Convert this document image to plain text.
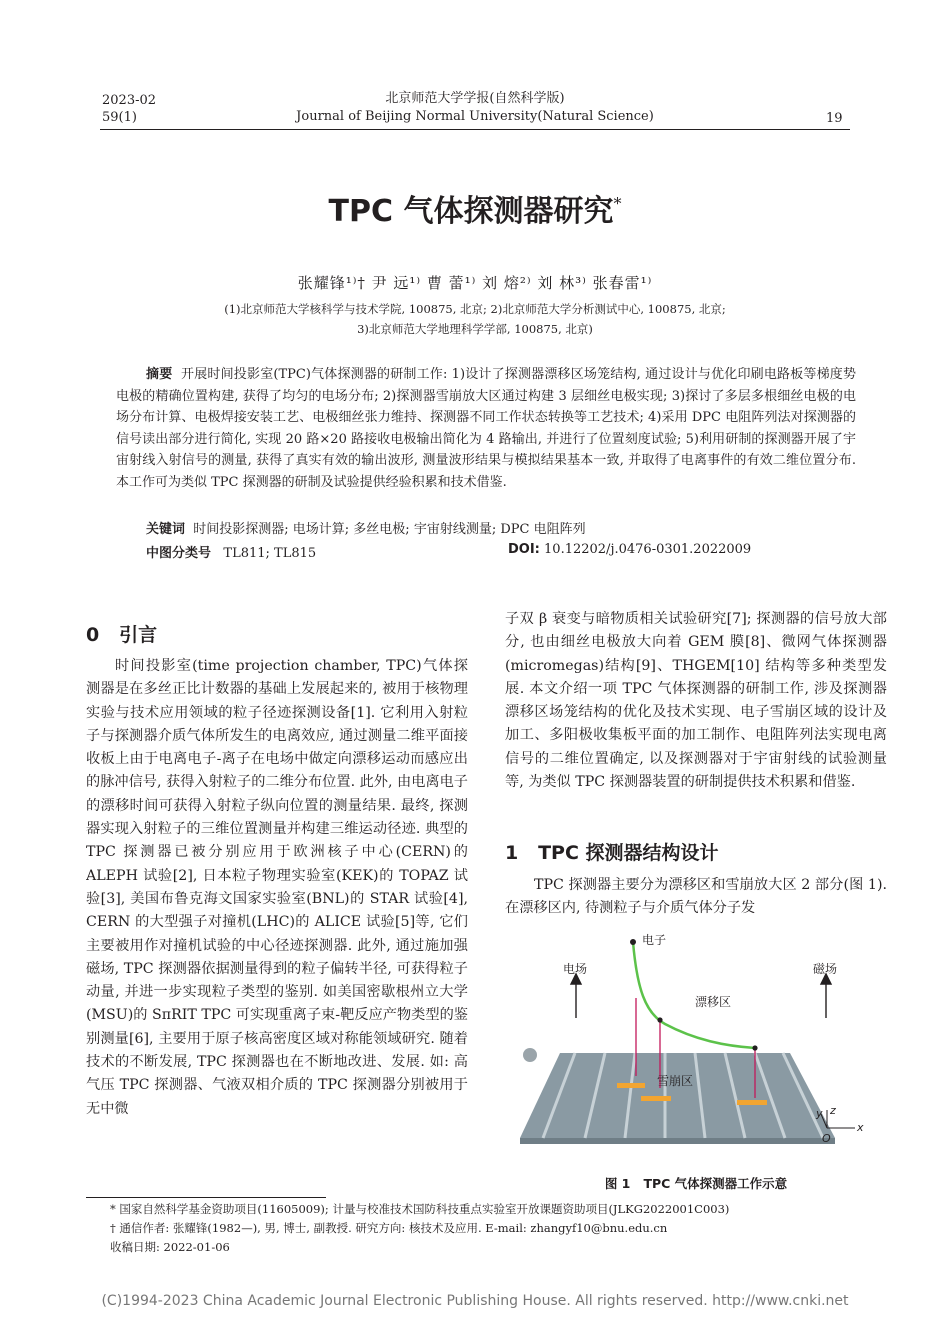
2023-02
59(1)
北京师范大学学报(自然科学版)
Journal of Beijing Normal University(Natural Science)	19
TPC 气体探测器研究*
张耀锋¹⁾† 尹 远¹⁾ 曹 蕾¹⁾ 刘 熔²⁾ 刘 林³⁾ 张春雷¹⁾
(1)北京师范大学核科学与技术学院, 100875, 北京; 2)北京师范大学分析测试中心, 100875, 北京;
3)北京师范大学地理科学学部, 100875, 北京)
摘要 开展时间投影室(TPC)气体探测器的研制工作: 1)设计了探测器漂移区场笼结构, 通过设计与优化印刷电路板等梯度势电极的精确位置构建, 获得了均匀的电场分布; 2)探测器雪崩放大区通过构建 3 层细丝电极实现; 3)探讨了多层多根细丝电极的电场分布计算、电极焊接安装工艺、电极细丝张力维持、探测器不同工作状态转换等工艺技术; 4)采用 DPC 电阻阵列法对探测器的信号读出部分进行简化, 实现 20 路×20 路接收电极输出简化为 4 路输出, 并进行了位置刻度试验; 5)利用研制的探测器开展了宇宙射线入射信号的测量, 获得了真实有效的输出波形, 测量波形结果与模拟结果基本一致, 并取得了电离事件的有效二维位置分布. 本工作可为类似 TPC 探测器的研制及试验提供经验积累和技术借鉴.
关键词 时间投影探测器; 电场计算; 多丝电极; 宇宙射线测量; DPC 电阻阵列
中图分类号 TL811; TL815	DOI: 10.12202/j.0476-0301.2022009
0 引言
时间投影室(time projection chamber, TPC)气体探测器是在多丝正比计数器的基础上发展起来的, 被用于核物理实验与技术应用领域的粒子径迹探测设备[1]. 它利用入射粒子与探测器介质气体所发生的电离效应, 通过测量二维平面接收板上由于电离电子-离子在电场中做定向漂移运动而感应出的脉冲信号, 获得入射粒子的二维分布位置. 此外, 由电离电子的漂移时间可获得入射粒子纵向位置的测量结果. 最终, 探测器实现入射粒子的三维位置测量并构建三维运动径迹. 典型的 TPC 探测器已被分别应用于欧洲核子中心(CERN)的 ALEPH 试验[2], 日本粒子物理实验室(KEK)的 TOPAZ 试验[3], 美国布鲁克海文国家实验室(BNL)的 STAR 试验[4], CERN 的大型强子对撞机(LHC)的 ALICE 试验[5]等, 它们主要被用作对撞机试验的中心径迹探测器. 此外, 通过施加强磁场, TPC 探测器依据测量得到的粒子偏转半径, 可获得粒子动量, 并进一步实现粒子类型的鉴别. 如美国密歇根州立大学(MSU)的 SπRIT TPC 可实现重离子束-靶反应产物类型的鉴别测量[6], 主要用于原子核高密度区域对称能领域研究. 随着技术的不断发展, TPC 探测器也在不断地改进、发展. 如: 高气压 TPC 探测器、气液双相介质的 TPC 探测器分别被用于无中微
子双 β 衰变与暗物质相关试验研究[7]; 探测器的信号放大部分, 也由细丝电极放大向着 GEM 膜[8]、微网气体探测器(micromegas)结构[9]、THGEM[10] 结构等多种类型发展. 本文介绍一项 TPC 气体探测器的研制工作, 涉及探测器漂移区场笼结构的优化及技术实现、电子雪崩区域的设计及加工、多阳极收集板平面的加工制作、电阻阵列法实现电离信号的二维位置确定, 以及探测器对于宇宙射线的试验测量等, 为类似 TPC 探测器装置的研制提供技术积累和借鉴.
1 TPC 探测器结构设计
TPC 探测器主要分为漂移区和雪崩放大区 2 部分(图 1). 在漂移区内, 待测粒子与介质气体分子发
电子
电场	磁场
漂移区
雪崩区
y z
x
O
图 1 TPC 气体探测器工作示意
* 国家自然科学基金资助项目(11605009); 计量与校准技术国防科技重点实验室开放课题资助项目(JLKG2022001C003)
† 通信作者: 张耀锋(1982—), 男, 博士, 副教授. 研究方向: 核技术及应用. E-mail: zhangyf10@bnu.edu.cn
收稿日期: 2022-01-06
(C)1994-2023 China Academic Journal Electronic Publishing House. All rights reserved. http://www.cnki.net
